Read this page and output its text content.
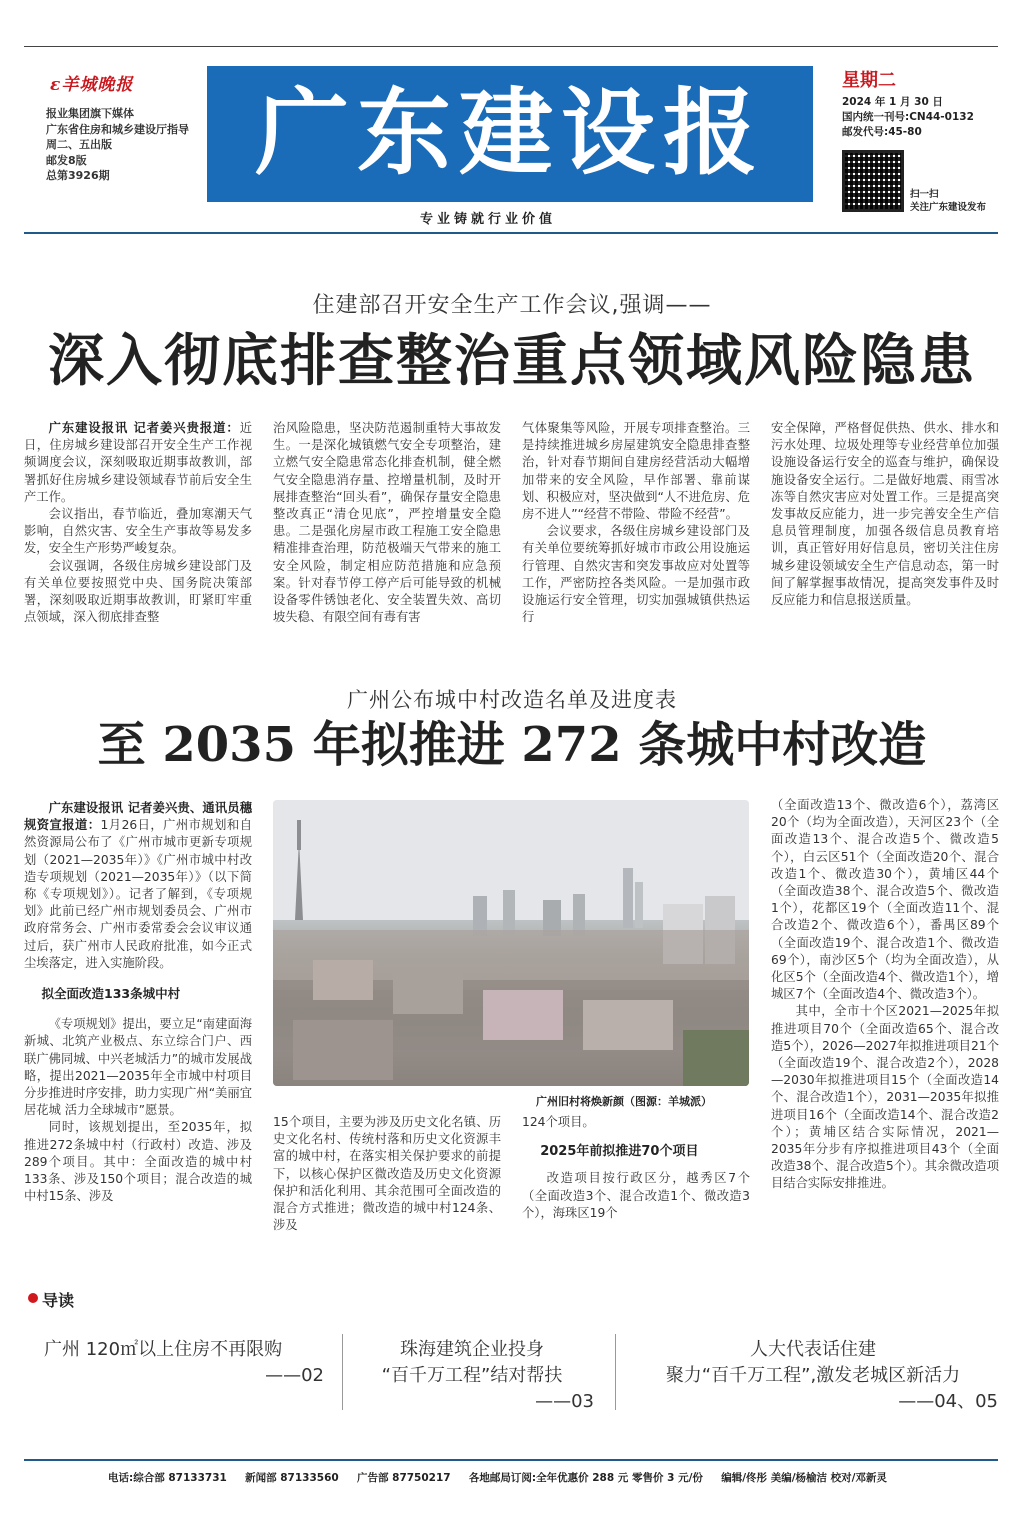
ε羊城晚报
报业集团旗下媒体
广东省住房和城乡建设厅指导
周二、五出版
邮发8版
总第3926期	广东建设报
专业铸就行业价值
星期二
2024 年 1 月 30 日
国内统一刊号:CN44-0132
邮发代号:45-80
扫一扫
关注广东建设发布
住建部召开安全生产工作会议,强调——
深入彻底排查整治重点领域风险隐患

广东建设报讯 记者姜兴贵报道：近日，住房城乡建设部召开安全生产工作视频调度会议，深刻吸取近期事故教训，部署抓好住房城乡建设领域春节前后安全生产工作。

会议指出，春节临近，叠加寒潮天气影响，自然灾害、安全生产事故等易发多发，安全生产形势严峻复杂。

会议强调，各级住房城乡建设部门及有关单位要按照党中央、国务院决策部署，深刻吸取近期事故教训，盯紧盯牢重点领域，深入彻底排查整

治风险隐患，坚决防范遏制重特大事故发生。一是深化城镇燃气安全专项整治，建立燃气安全隐患常态化排查机制，健全燃气安全隐患消存量、控增量机制，及时开展排查整治“回头看”，确保存量安全隐患整改真正“清仓见底”，严控增量安全隐患。二是强化房屋市政工程施工安全隐患精准排查治理，防范极端天气带来的施工安全风险，制定相应防范措施和应急预案。针对春节停工停产后可能导致的机械设备零件锈蚀老化、安全装置失效、高切坡失稳、有限空间有毒有害

气体聚集等风险，开展专项排查整治。三是持续推进城乡房屋建筑安全隐患排查整治，针对春节期间自建房经营活动大幅增加带来的安全风险，早作部署、靠前谋划、积极应对，坚决做到“人不进危房、危房不进人”“经营不带险、带险不经营”。

会议要求，各级住房城乡建设部门及有关单位要统筹抓好城市市政公用设施运行管理、自然灾害和突发事故应对处置等工作，严密防控各类风险。一是加强市政设施运行安全管理，切实加强城镇供热运行

安全保障，严格督促供热、供水、排水和污水处理、垃圾处理等专业经营单位加强设施设备运行安全的巡查与维护，确保设施设备安全运行。二是做好地震、雨雪冰冻等自然灾害应对处置工作。三是提高突发事故反应能力，进一步完善安全生产信息员管理制度，加强各级信息员教育培训，真正管好用好信息员，密切关注住房城乡建设领域安全生产信息动态，第一时间了解掌握事故情况，提高突发事件及时反应能力和信息报送质量。

广州公布城中村改造名单及进度表
至 2035 年拟推进 272 条城中村改造

广东建设报讯 记者姜兴贵、通讯员穗规资宣报道：1月26日，广州市规划和自然资源局公布了《广州市城市更新专项规划（2021—2035年）》《广州市城中村改造专项规划（2021—2035年）》（以下简称《专项规划》）。记者了解到，《专项规划》此前已经广州市规划委员会、广州市政府常务会、广州市委常委会会议审议通过后，获广州市人民政府批准，如今正式尘埃落定，进入实施阶段。

拟全面改造133条城中村

《专项规划》提出，要立足“南建面海新城、北筑产业极点、东立综合门户、西联广佛同城、中兴老城活力”的城市发展战略，提出2021—2035年全市城中村项目分步推进时序安排，助力实现广州“美丽宜居花城 活力全球城市”愿景。

同时，该规划提出，至2035年，拟推进272条城中村（行政村）改造、涉及289个项目。其中：全面改造的城中村133条、涉及150个项目；混合改造的城中村15条、涉及

广州旧村将焕新颜（图源：羊城派）

15个项目，主要为涉及历史文化名镇、历史文化名村、传统村落和历史文化资源丰富的城中村，在落实相关保护要求的前提下，以核心保护区微改造及历史文化资源保护和活化利用、其余范围可全面改造的混合方式推进；微改造的城中村124条、涉及

124个项目。

2025年前拟推进70个项目

改造项目按行政区分，越秀区7个（全面改造3个、混合改造1个、微改造3个），海珠区19个

（全面改造13个、微改造6个），荔湾区20个（均为全面改造），天河区23个（全面改造13个、混合改造5个、微改造5个），白云区51个（全面改造20个、混合改造1个、微改造30个），黄埔区44个（全面改造38个、混合改造5个、微改造1个），花都区19个（全面改造11个、混合改造2个、微改造6个），番禺区89个（全面改造19个、混合改造1个、微改造69个），南沙区5个（均为全面改造），从化区5个（全面改造4个、微改造1个），增城区7个（全面改造4个、微改造3个）。

其中，全市十个区2021—2025年拟推进项目70个（全面改造65个、混合改造5个），2026—2027年拟推进项目21个（全面改造19个、混合改造2个），2028—2030年拟推进项目15个（全面改造14个、混合改造1个），2031—2035年拟推进项目16个（全面改造14个、混合改造2个）；黄埔区结合实际情况，2021—2035年分步有序拟推进项目43个（全面改造38个、混合改造5个）。其余微改造项目结合实际安排推进。

导读
广州 120㎡以上住房不再限购
——02
珠海建筑企业投身
“百千万工程”结对帮扶
——03
人大代表话住建
聚力“百千万工程”,激发老城区新活力
——04、05
电话:综合部 87133731 新闻部 87133560 广告部 87750217 各地邮局订阅:全年优惠价 288 元 零售价 3 元/份 编辑/佟彤 美编/杨榆洁 校对/邓新灵
